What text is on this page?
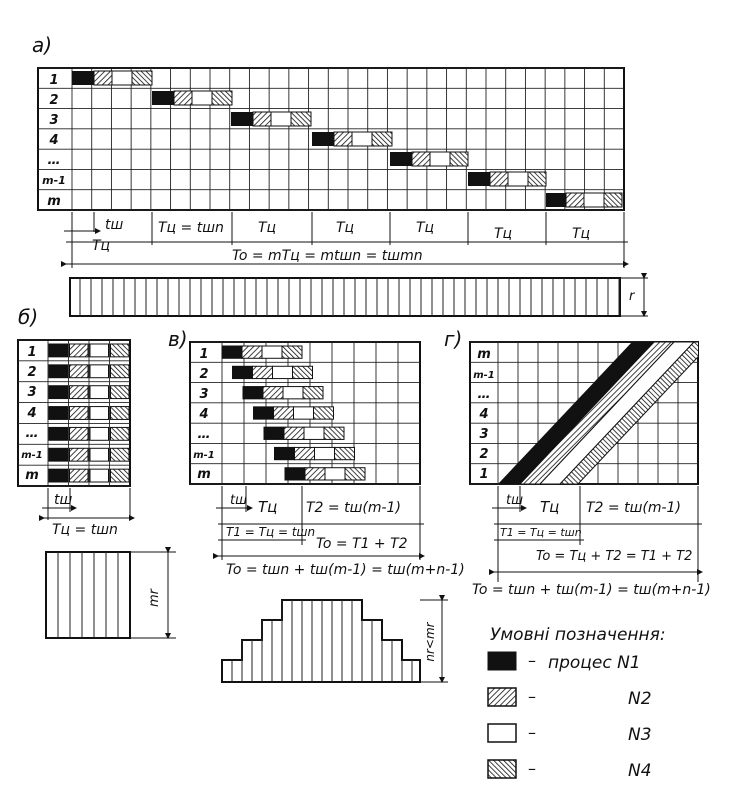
а)
1
2
3
4
…
m-1
m
tш
Tц
Tц = tшn Tц	Tц	Tц	Tц	Tц
To = mTц = mtшn = tшmn
r
б)
1
2
3
4
…
m-1
m
tш
Tц = tшn
mr
в)
1
2
3
4
…
m-1
m
tш Tц T2 = tш(m-1)
T1 = Tц = tшn
To = T1 + T2
To = tшn + tш(m-1) = tш(m+n-1)
nr<mr
г)
m
m-1
…
4
3
2
1
tш Tц T2 = tш(m-1)
T1 = Tц = tшn
To = Tц + T2 = T1 + T2
To = tшn + tш(m-1) = tш(m+n-1)
Умовні позначення:
– процес N1
–	N2
–	N3
–	N4
